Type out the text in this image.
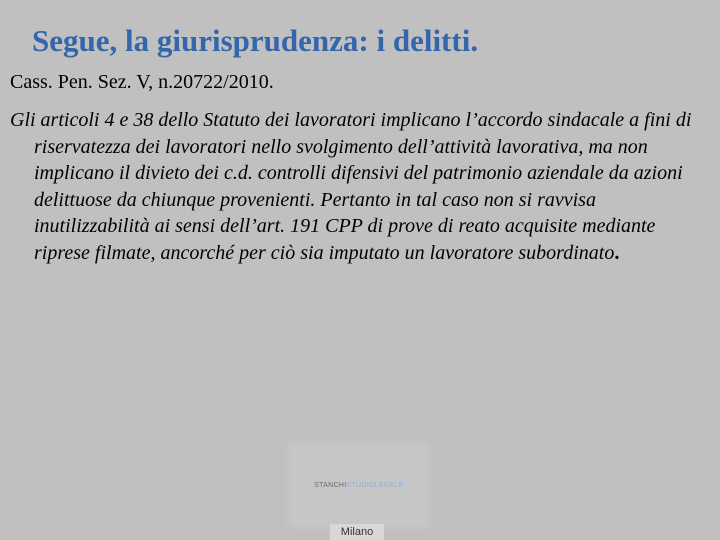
Segue, la giurisprudenza: i delitti.

Cass. Pen. Sez. V, n.20722/2010.

Gli articoli 4 e 38 dello Statuto dei lavoratori implicano l’accordo sindacale a fini di riservatezza dei lavoratori nello svolgimento dell’attività lavorativa, ma non implicano il divieto dei c.d. controlli difensivi del patrimonio aziendale da azioni delittuose da chiunque provenienti. Pertanto in tal caso non si ravvisa inutilizzabilità ai sensi dell’art. 191 CPP di prove di reato acquisite mediante riprese filmate, ancorché per ciò sia imputato un lavoratore subordinato.

STANCHISTUDIOLEGALE
Milano
